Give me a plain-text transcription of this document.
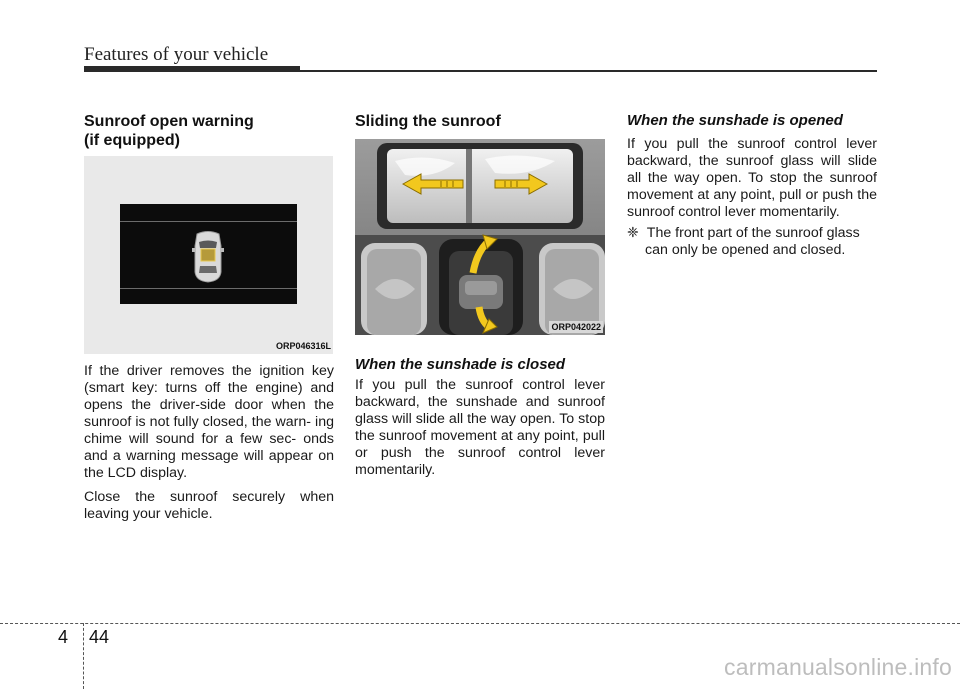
Features of your vehicle
Sunroof open warning
(if equipped)
ORP046316L

If the driver removes the ignition key (smart key: turns off the engine) and opens the driver-side door when the sunroof is not fully closed, the warn- ing chime will sound for a few sec- onds and a warning message will appear on the LCD display.

Close the sunroof securely when leaving your vehicle.

Sliding the sunroof
ORP042022
When the sunshade is closed

If you pull the sunroof control lever backward, the sunshade and sunroof glass will slide all the way open. To stop the sunroof movement at any point, pull or push the sunroof control lever momentarily.

When the sunshade is opened

If you pull the sunroof control lever backward, the sunroof glass will slide all the way open. To stop the sunroof movement at any point, pull or push the sunroof control lever momentarily.

❈ The front part of the sunroof glass can only be opened and closed.

4 44
carmanualsonline.info
